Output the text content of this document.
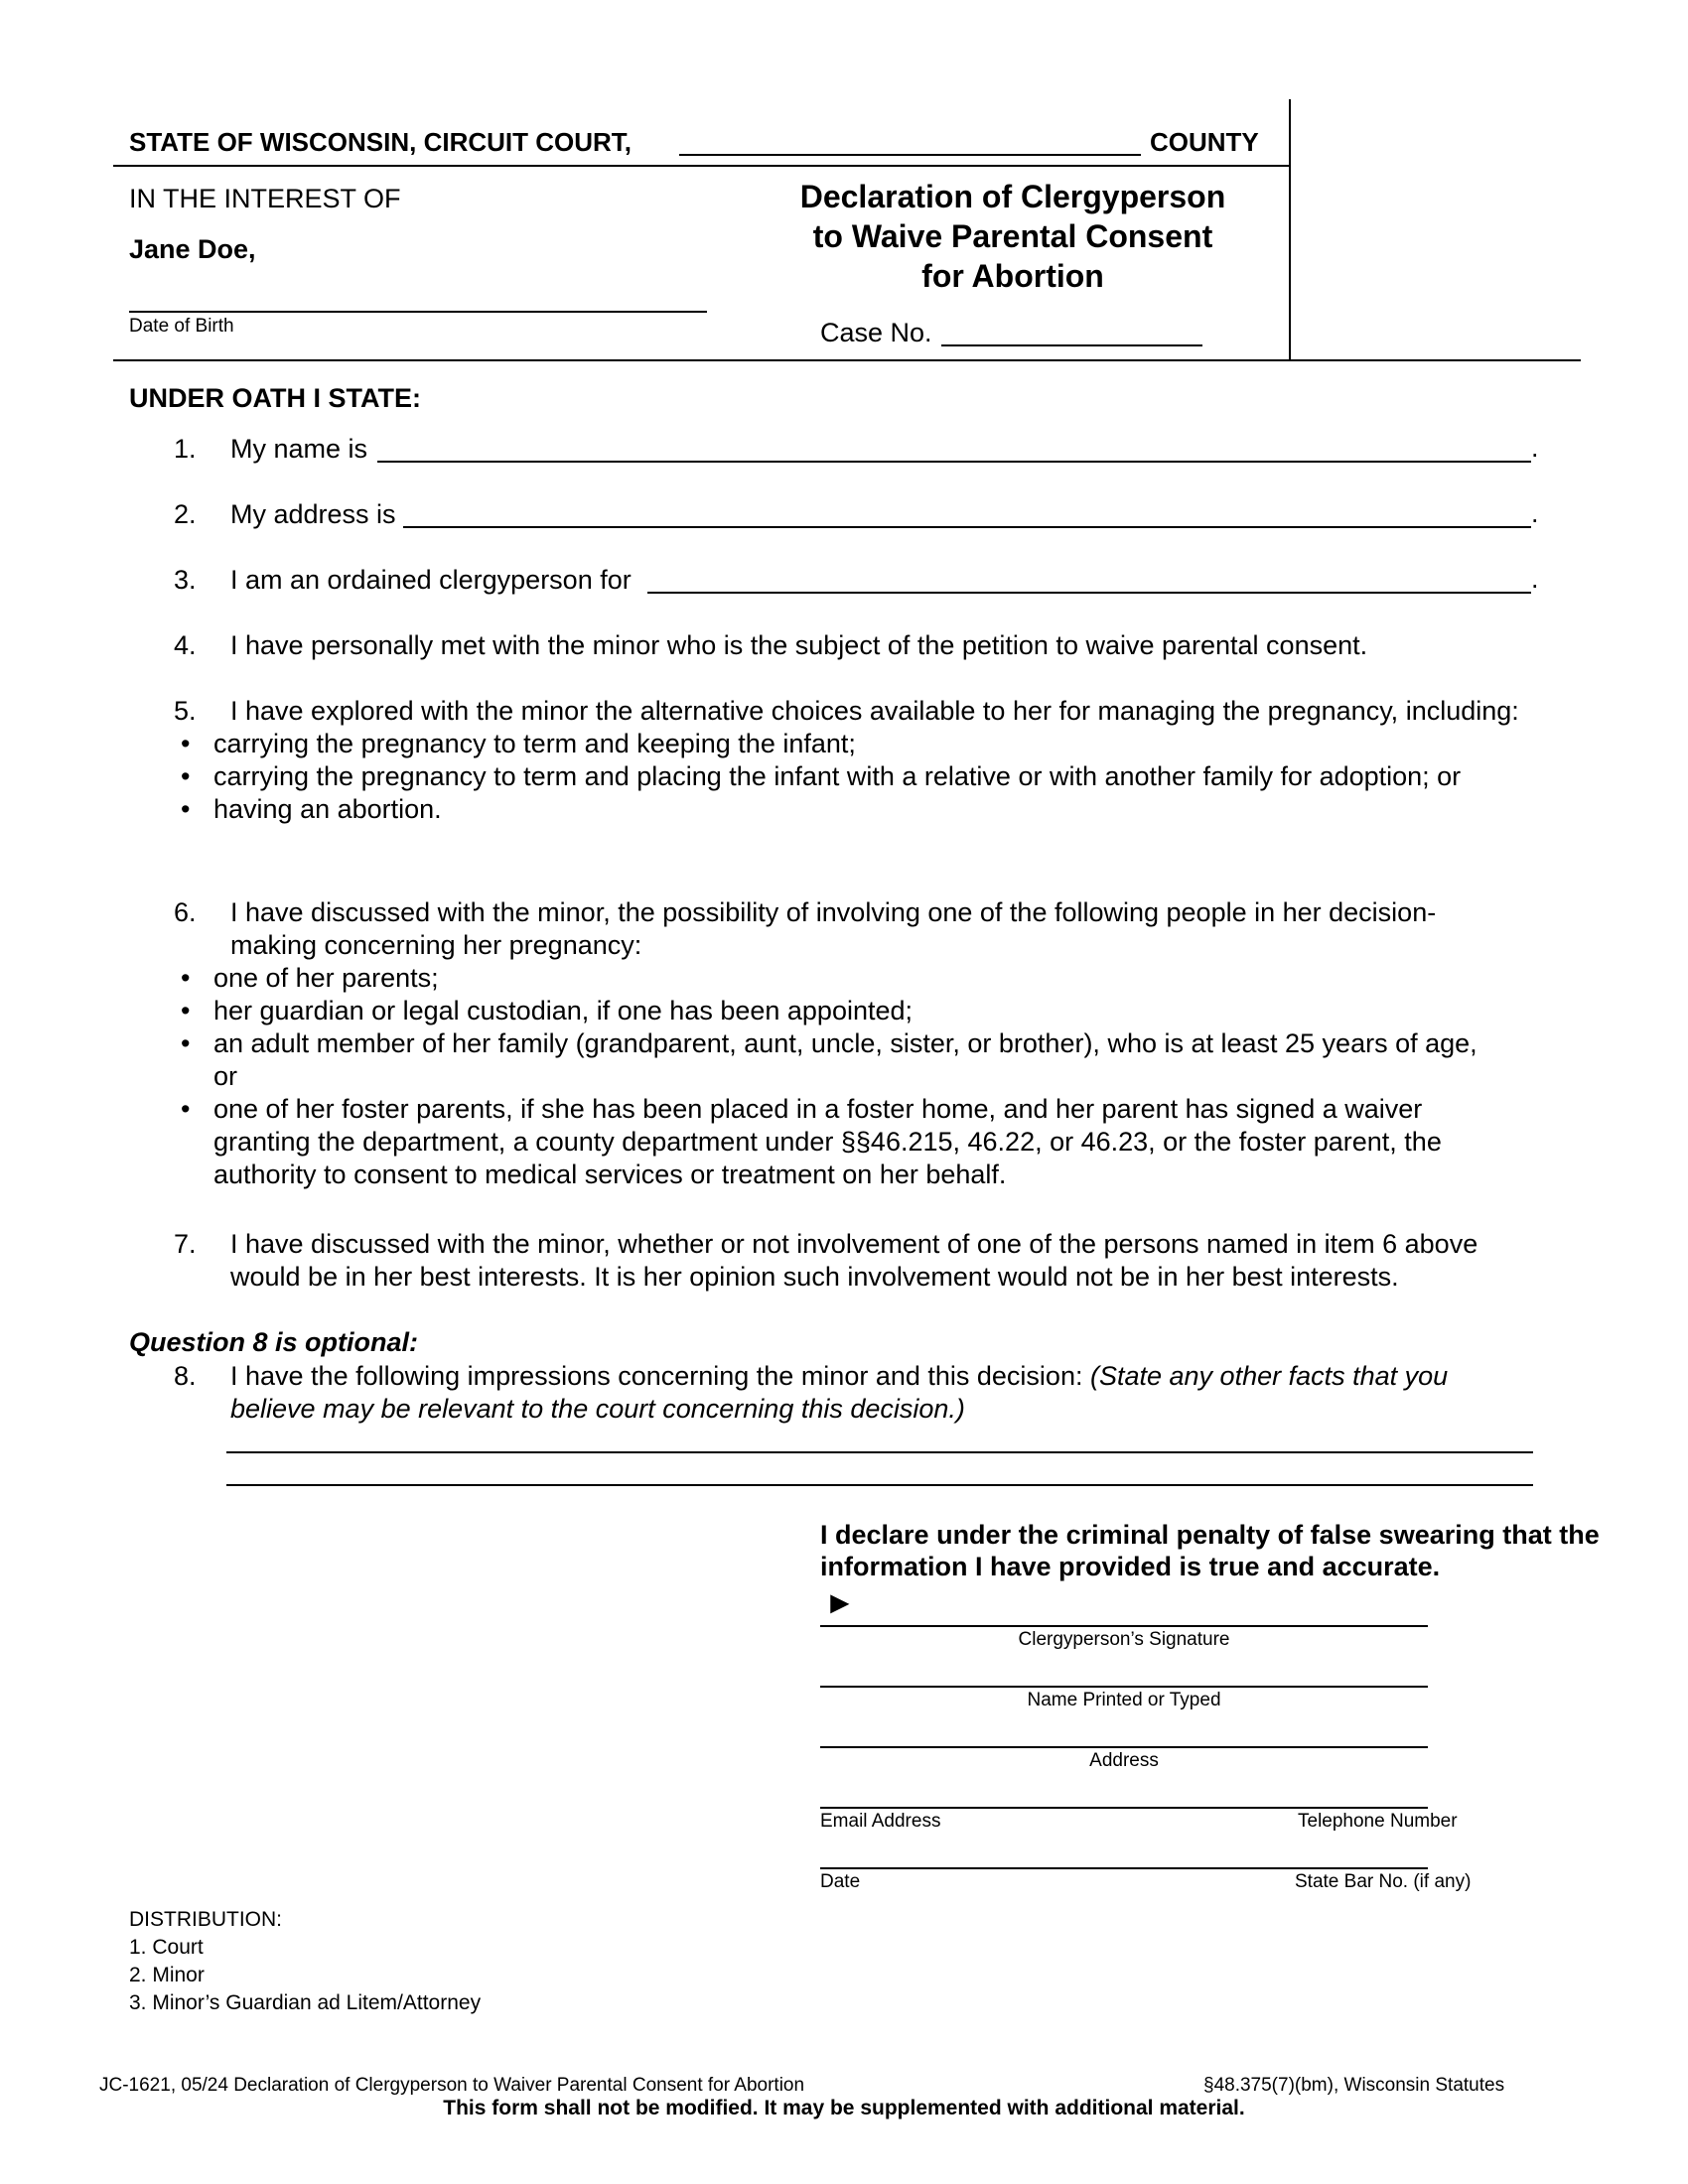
STATE OF WISCONSIN, CIRCUIT COURT,	COUNTY
IN THE INTEREST OF
Jane Doe,
Date of Birth
Declaration of Clergyperson
to Waive Parental Consent
for Abortion
Case No.
UNDER OATH I STATE:
1. My name is	.
2. My address is	.
3. I am an ordained clergyperson for	.
4. I have personally met with the minor who is the subject of the petition to waive parental consent.
5. I have explored with the minor the alternative choices available to her for managing the pregnancy, including:
• carrying the pregnancy to term and keeping the infant;
• carrying the pregnancy to term and placing the infant with a relative or with another family for adoption; or
• having an abortion.
6. I have discussed with the minor, the possibility of involving one of the following people in her decision-making concerning her pregnancy:
• one of her parents;
• her guardian or legal custodian, if one has been appointed;
• an adult member of her family (grandparent, aunt, uncle, sister, or brother), who is at least 25 years of age, or
• one of her foster parents, if she has been placed in a foster home, and her parent has signed a waiver granting the department, a county department under §§46.215, 46.22, or 46.23, or the foster parent, the authority to consent to medical services or treatment on her behalf.
7. I have discussed with the minor, whether or not involvement of one of the persons named in item 6 above would be in her best interests. It is her opinion such involvement would not be in her best interests.
Question 8 is optional:
8. I have the following impressions concerning the minor and this decision: (State any other facts that you believe may be relevant to the court concerning this decision.)
I declare under the criminal penalty of false swearing that the information I have provided is true and accurate.
►
Clergyperson’s Signature
Name Printed or Typed
Address
Email Address	Telephone Number
Date	State Bar No. (if any)
DISTRIBUTION:
1. Court
2. Minor
3. Minor’s Guardian ad Litem/Attorney
JC-1621, 05/24 Declaration of Clergyperson to Waiver Parental Consent for Abortion	§48.375(7)(bm), Wisconsin Statutes
This form shall not be modified. It may be supplemented with additional material.
